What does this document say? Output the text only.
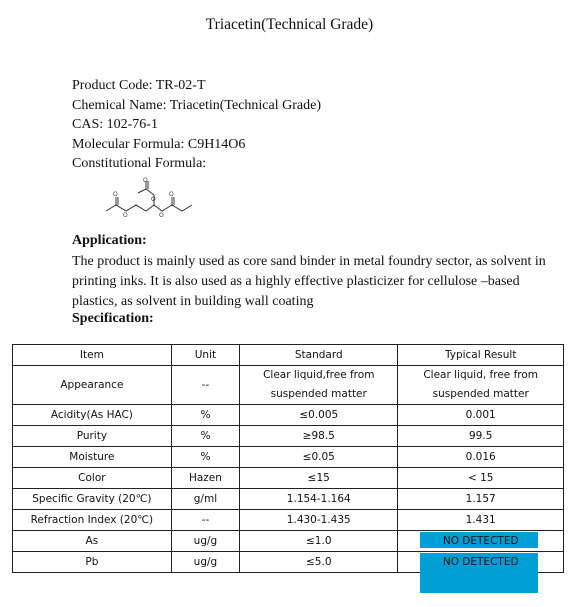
Triacetin(Technical Grade)
Product Code: TR-02-T
Chemical Name: Triacetin(Technical Grade)
CAS: 102-76-1
Molecular Formula: C9H14O6
Constitutional Formula:
O	O
O
O	O
O
Application:
The product is mainly used as core sand binder in metal foundry sector, as solvent in printing inks. It is also used as a highly effective plasticizer for cellulose –based plastics, as solvent in building wall coating
Specification:
Item	Unit	Standard	Typical Result
Appearance	--	Clear liquid,free from suspended matter	Clear liquid, free from suspended matter
Acidity(As HAC)	%	≤0.005	0.001
Purity	%	≥98.5	99.5
Moisture	%	≤0.05	0.016
Color	Hazen	≤15	< 15
Specific Gravity (20℃)	g/ml	1.154-1.164	1.157
Refraction Index (20℃)	--	1.430-1.435	1.431
As	ug/g	≤1.0	NO DETECTED
Pb	ug/g	≤5.0	NO DETECTED
